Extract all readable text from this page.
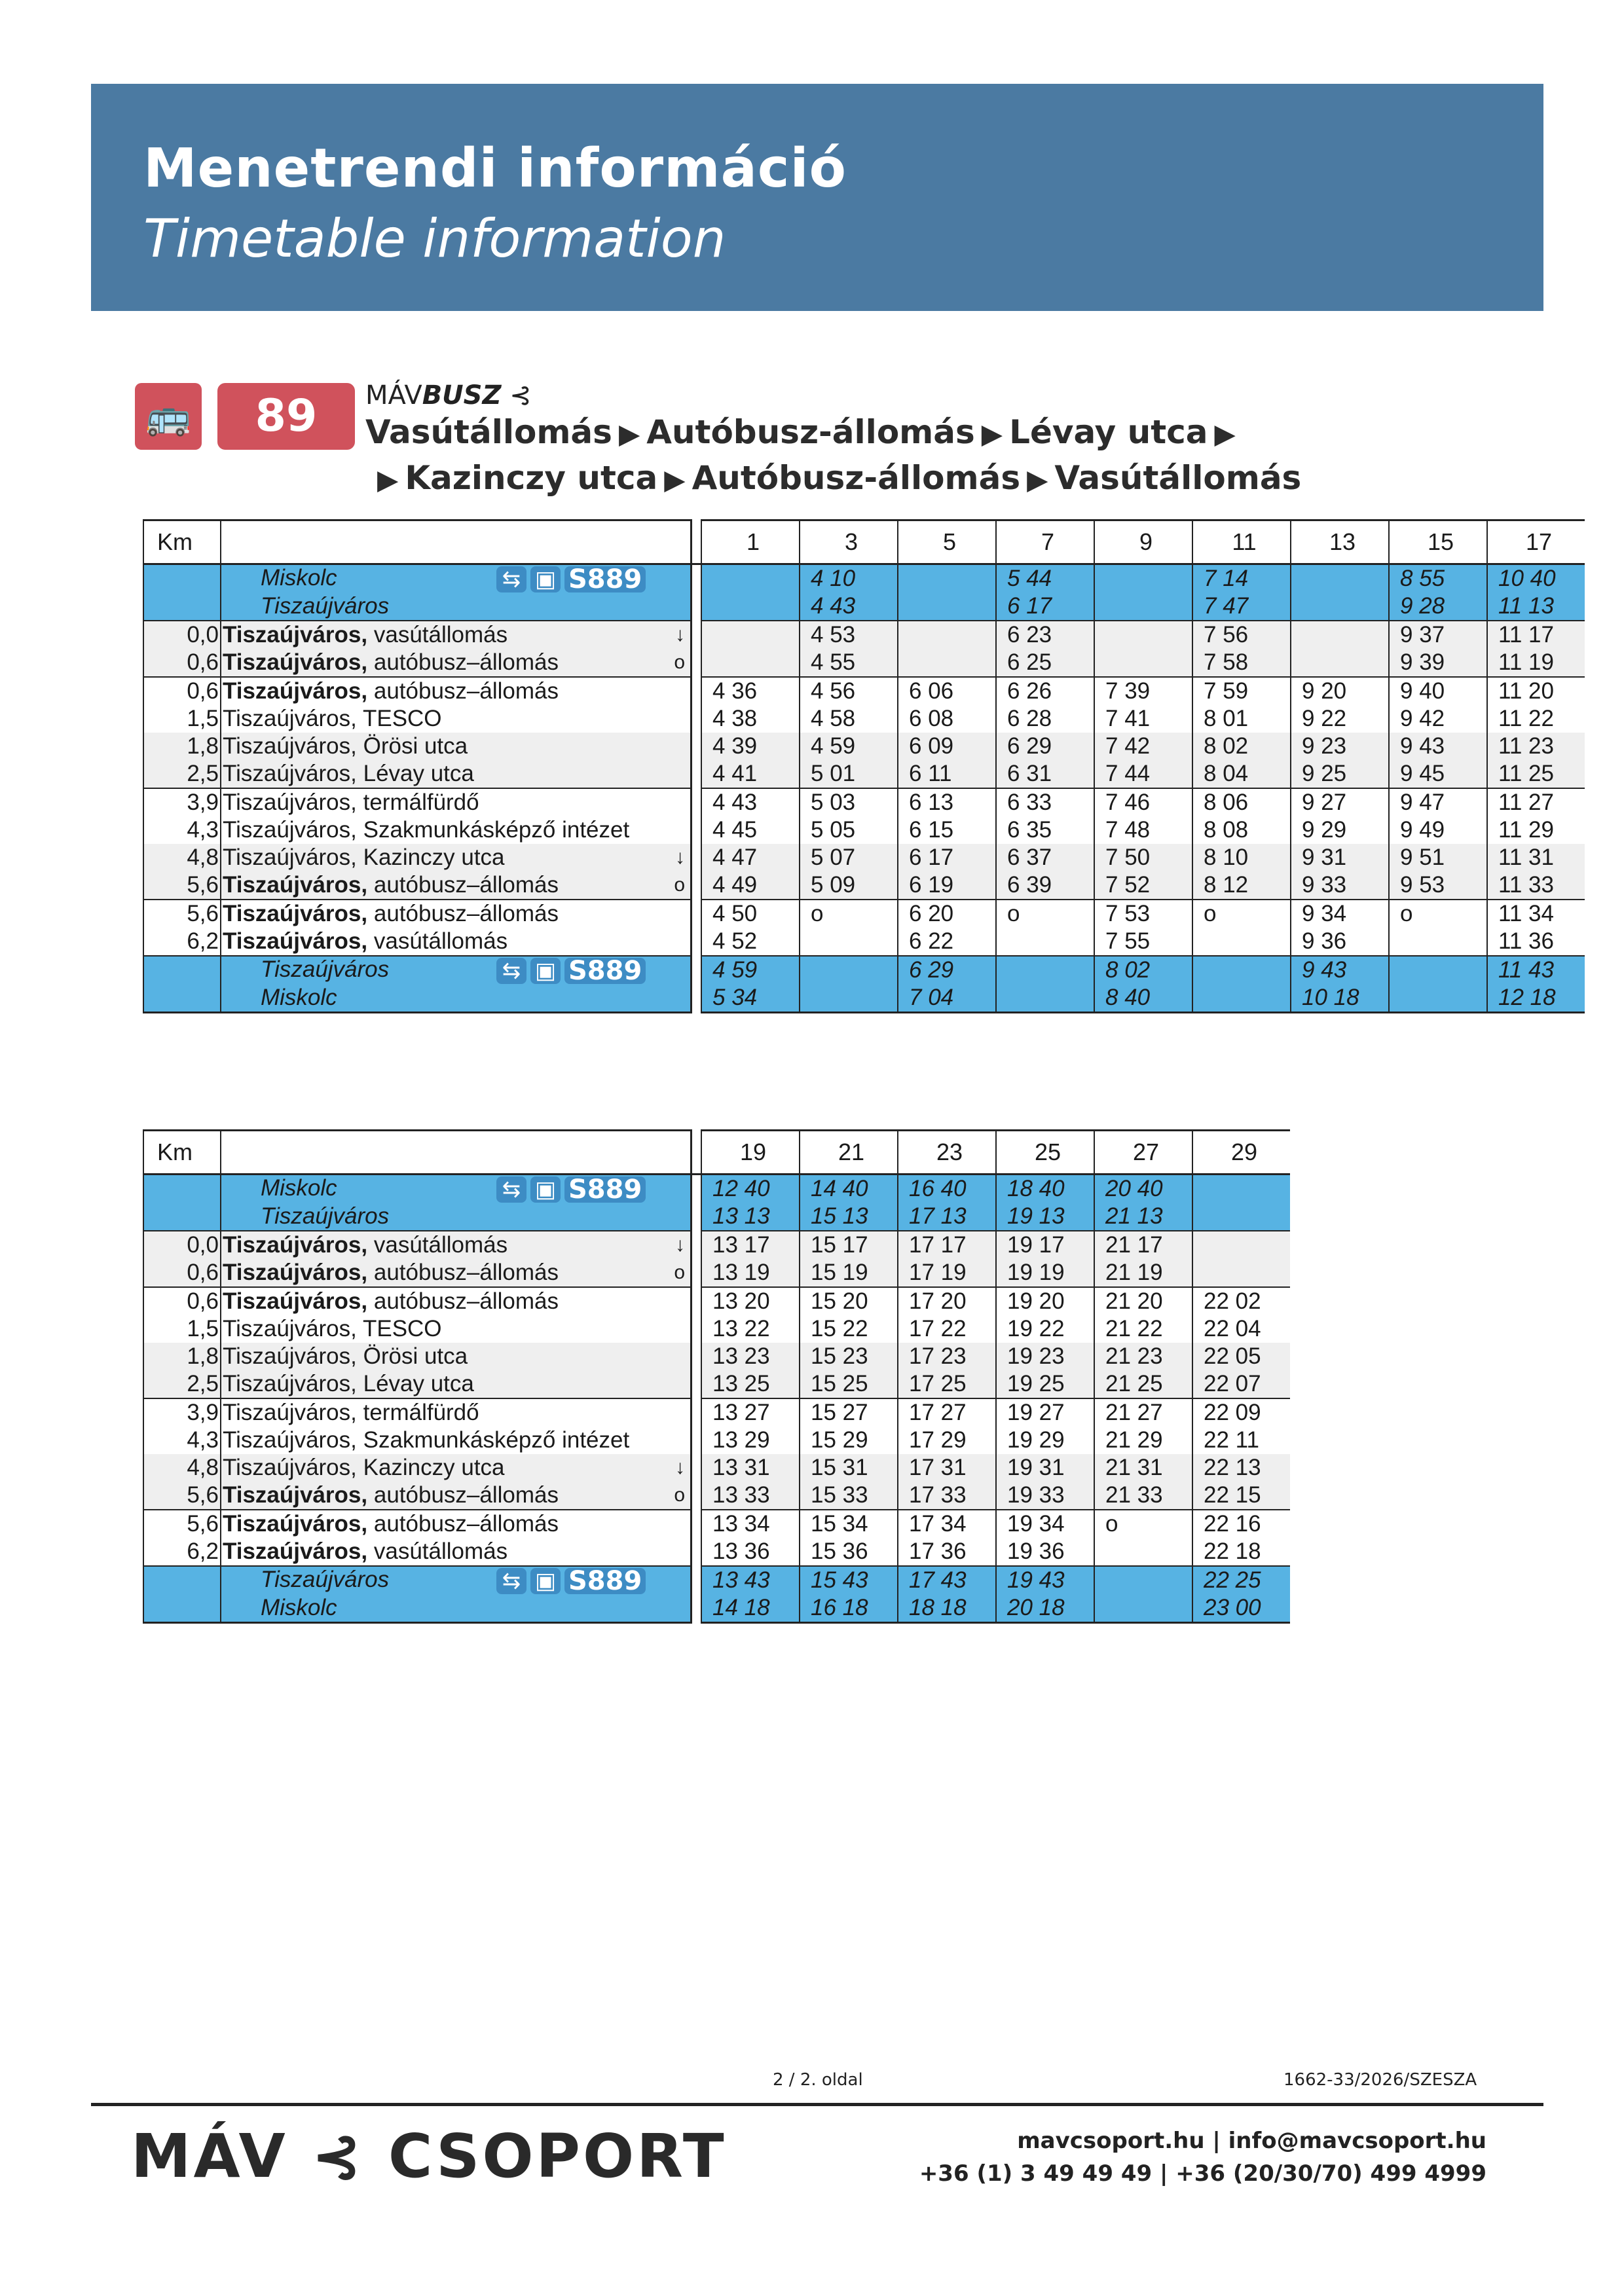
Menetrendi információ
Timetable information
🚌	89	MÁVBUSZ ⊰
Vasútállomás ▶ Autóbusz-állomás ▶ Lévay utca ▶
▶ Kazinczy utca ▶ Autóbusz-állomás ▶ Vasútállomás
Km			1	3	5	7	9	11	13	15	17
	Miskolc ⇆ ▣ S889			4 10		5 44		7 14		8 55	10 40
	Tiszaújváros			4 43		6 17		7 47		9 28	11 13
0,0	Tiszaújváros, vasútállomás ↓			4 53		6 23		7 56		9 37	11 17
0,6	Tiszaújváros, autóbusz–állomás o			4 55		6 25		7 58		9 39	11 19
0,6	Tiszaújváros, autóbusz–állomás		4 36	4 56	6 06	6 26	7 39	7 59	9 20	9 40	11 20
1,5	Tiszaújváros, TESCO		4 38	4 58	6 08	6 28	7 41	8 01	9 22	9 42	11 22
1,8	Tiszaújváros, Örösi utca		4 39	4 59	6 09	6 29	7 42	8 02	9 23	9 43	11 23
2,5	Tiszaújváros, Lévay utca		4 41	5 01	6 11	6 31	7 44	8 04	9 25	9 45	11 25
3,9	Tiszaújváros, termálfürdő		4 43	5 03	6 13	6 33	7 46	8 06	9 27	9 47	11 27
4,3	Tiszaújváros, Szakmunkásképző intézet		4 45	5 05	6 15	6 35	7 48	8 08	9 29	9 49	11 29
4,8	Tiszaújváros, Kazinczy utca ↓		4 47	5 07	6 17	6 37	7 50	8 10	9 31	9 51	11 31
5,6	Tiszaújváros, autóbusz–állomás o		4 49	5 09	6 19	6 39	7 52	8 12	9 33	9 53	11 33
5,6	Tiszaújváros, autóbusz–állomás		4 50	o	6 20	o	7 53	o	9 34	o	11 34
6,2	Tiszaújváros, vasútállomás		4 52		6 22		7 55		9 36		11 36
	Tiszaújváros ⇆ ▣ S889		4 59		6 29		8 02		9 43		11 43
	Miskolc		5 34		7 04		8 40		10 18		12 18
Km			19	21	23	25	27	29
	Miskolc ⇆ ▣ S889		12 40	14 40	16 40	18 40	20 40	
	Tiszaújváros		13 13	15 13	17 13	19 13	21 13	
0,0	Tiszaújváros, vasútállomás ↓		13 17	15 17	17 17	19 17	21 17	
0,6	Tiszaújváros, autóbusz–állomás o		13 19	15 19	17 19	19 19	21 19	
0,6	Tiszaújváros, autóbusz–állomás		13 20	15 20	17 20	19 20	21 20	22 02
1,5	Tiszaújváros, TESCO		13 22	15 22	17 22	19 22	21 22	22 04
1,8	Tiszaújváros, Örösi utca		13 23	15 23	17 23	19 23	21 23	22 05
2,5	Tiszaújváros, Lévay utca		13 25	15 25	17 25	19 25	21 25	22 07
3,9	Tiszaújváros, termálfürdő		13 27	15 27	17 27	19 27	21 27	22 09
4,3	Tiszaújváros, Szakmunkásképző intézet		13 29	15 29	17 29	19 29	21 29	22 11
4,8	Tiszaújváros, Kazinczy utca ↓		13 31	15 31	17 31	19 31	21 31	22 13
5,6	Tiszaújváros, autóbusz–állomás o		13 33	15 33	17 33	19 33	21 33	22 15
5,6	Tiszaújváros, autóbusz–állomás		13 34	15 34	17 34	19 34	o	22 16
6,2	Tiszaújváros, vasútállomás		13 36	15 36	17 36	19 36		22 18
	Tiszaújváros ⇆ ▣ S889		13 43	15 43	17 43	19 43		22 25
	Miskolc		14 18	16 18	18 18	20 18		23 00
2 / 2. oldal	1662-33/2026/SZESZA
MÁV ⊰ CSOPORT	mavcsoport.hu | info@mavcsoport.hu
+36 (1) 3 49 49 49 | +36 (20/30/70) 499 4999
